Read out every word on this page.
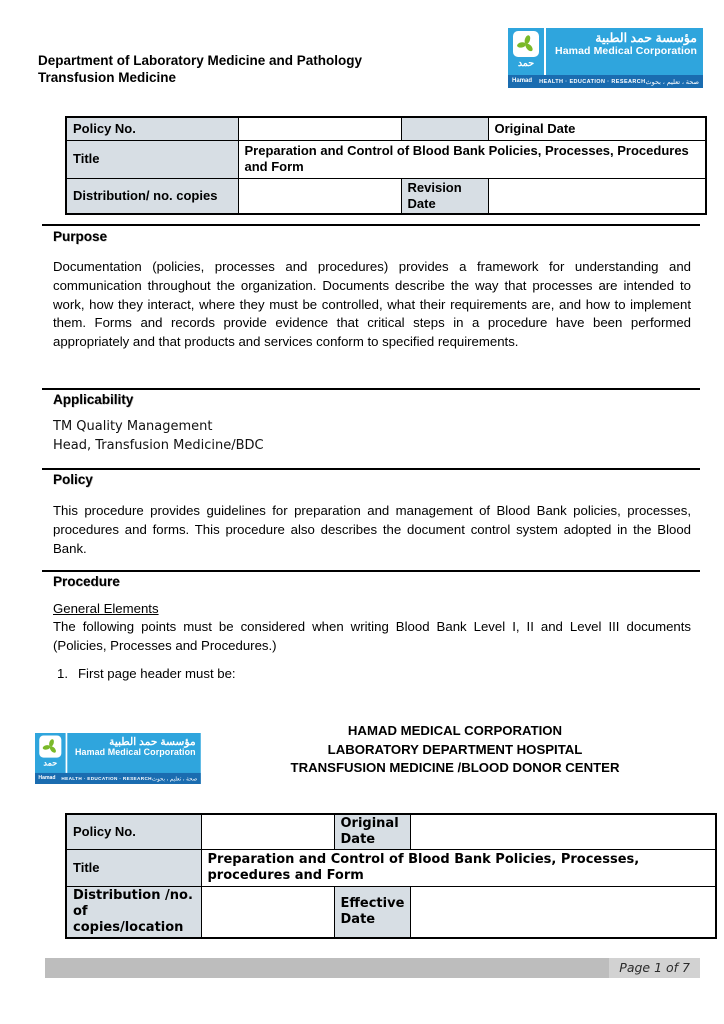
Department of Laboratory Medicine and Pathology
Transfusion Medicine
حمد
مؤسسة حمد الطبية
Hamad Medical Corporation
Hamad	HEALTH · EDUCATION · RESEARCH صحة ، تعليم ، بحوث
Policy No.			Original Date
Title	Preparation and Control of Blood Bank Policies, Processes, Procedures and Form		
Distribution/ no. copies		Revision Date	
Purpose
Documentation (policies, processes and procedures) provides a framework for understanding and communication throughout the organization. Documents describe the way that processes are intended to work, how they interact, where they must be controlled, what their requirements are, and how to implement them. Forms and records provide evidence that critical steps in a procedure have been performed appropriately and that products and services conform to specified requirements.
Applicability
TM Quality Management
Head, Transfusion Medicine/BDC
Policy
This procedure provides guidelines for preparation and management of Blood Bank policies, processes, procedures and forms. This procedure also describes the document control system adopted in the Blood Bank.
Procedure
General Elements
The following points must be considered when writing Blood Bank Level I, II and Level III documents (Policies, Processes and Procedures.)
1. First page header must be:
HAMAD MEDICAL CORPORATION
LABORATORY DEPARTMENT HOSPITAL
TRANSFUSION MEDICINE /BLOOD DONOR CENTER
حمد
مؤسسة حمد الطبية
Hamad Medical Corporation
Hamad	HEALTH · EDUCATION · RESEARCH صحة ، تعليم ، بحوث
Policy No.		Original Date	
Title	Preparation and Control of Blood Bank Policies, Processes, procedures and Form		
Distribution /no. of copies/location		Effective Date	
Page 1 of 7
